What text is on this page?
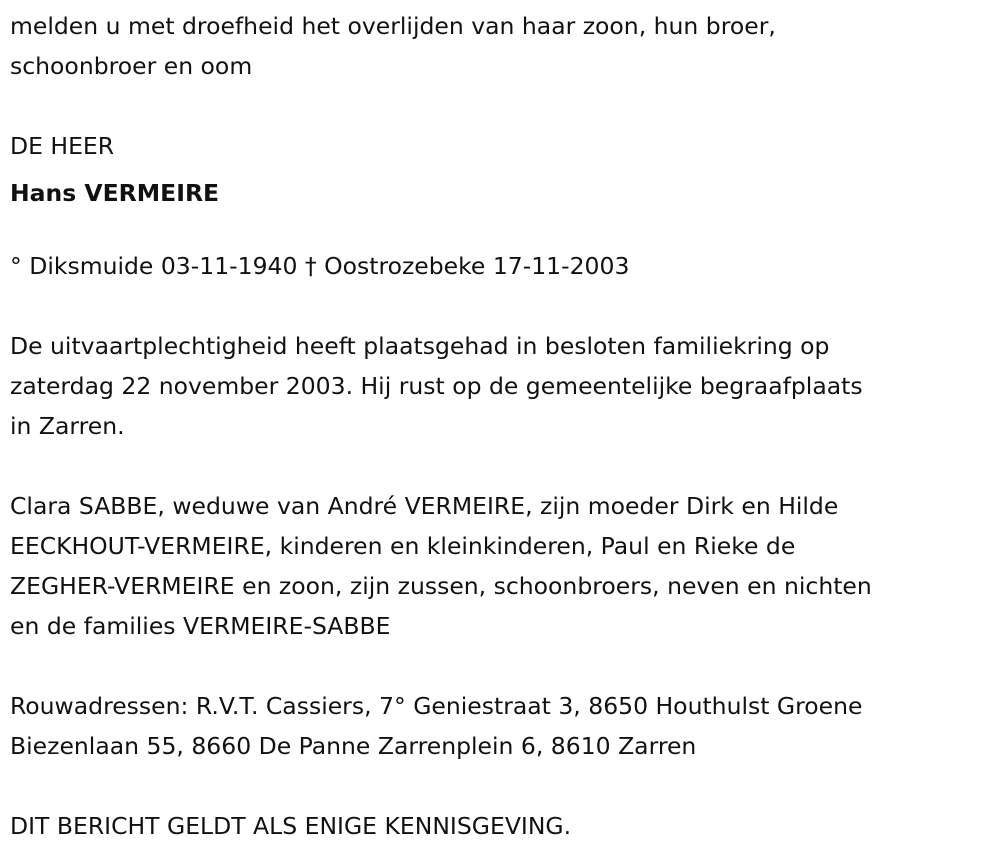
melden u met droefheid het overlijden van haar zoon, hun broer,
schoonbroer en oom
DE HEER
Hans VERMEIRE
° Diksmuide 03-11-1940 † Oostrozebeke 17-11-2003
De uitvaartplechtigheid heeft plaatsgehad in besloten familiekring op
zaterdag 22 november 2003. Hij rust op de gemeentelijke begraafplaats
in Zarren.
Clara SABBE, weduwe van André VERMEIRE, zijn moeder Dirk en Hilde
EECKHOUT-VERMEIRE, kinderen en kleinkinderen, Paul en Rieke de
ZEGHER-VERMEIRE en zoon, zijn zussen, schoonbroers, neven en nichten
en de families VERMEIRE-SABBE
Rouwadressen: R.V.T. Cassiers, 7° Geniestraat 3, 8650 Houthulst Groene
Biezenlaan 55, 8660 De Panne Zarrenplein 6, 8610 Zarren
DIT BERICHT GELDT ALS ENIGE KENNISGEVING.
